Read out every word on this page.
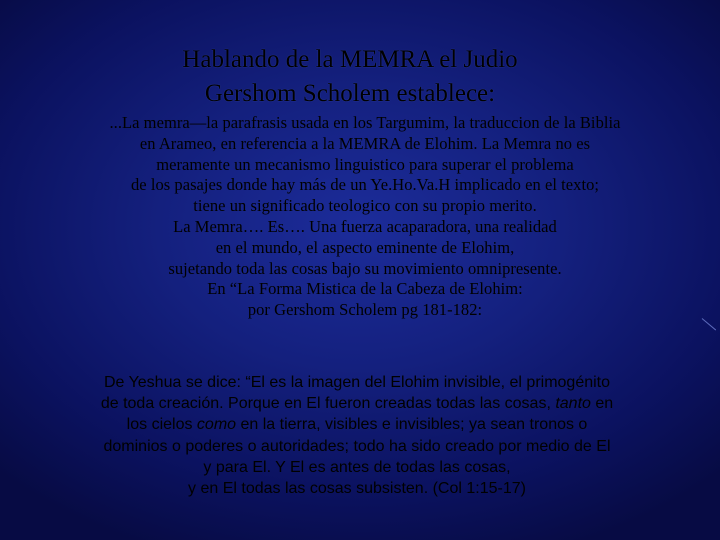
Hablando de la MEMRA el Judio
Gershom Scholem establece:
...La memra—la parafrasis usada en los Targumim, la traduccion de la Biblia
en Arameo, en referencia a la MEMRA de Elohim. La Memra no es
meramente un mecanismo linguistico para superar el problema
de los pasajes donde hay más de un Ye.Ho.Va.H implicado en el texto;
tiene un significado teologico con su propio merito.
La Memra…. Es…. Una fuerza acaparadora, una realidad
en el mundo, el aspecto eminente de Elohim,
sujetando toda las cosas bajo su movimiento omnipresente.
En “La Forma Mistica de la Cabeza de Elohim:
por Gershom Scholem pg 181-182:
De Yeshua se dice: “El es la imagen del Elohim invisible, el primogénito
de toda creación. Porque en El fueron creadas todas las cosas, tanto en
los cielos como en la tierra, visibles e invisibles; ya sean tronos o
dominios o poderes o autoridades; todo ha sido creado por medio de El
y para El. Y El es antes de todas las cosas,
y en El todas las cosas subsisten. (Col 1:15-17)
